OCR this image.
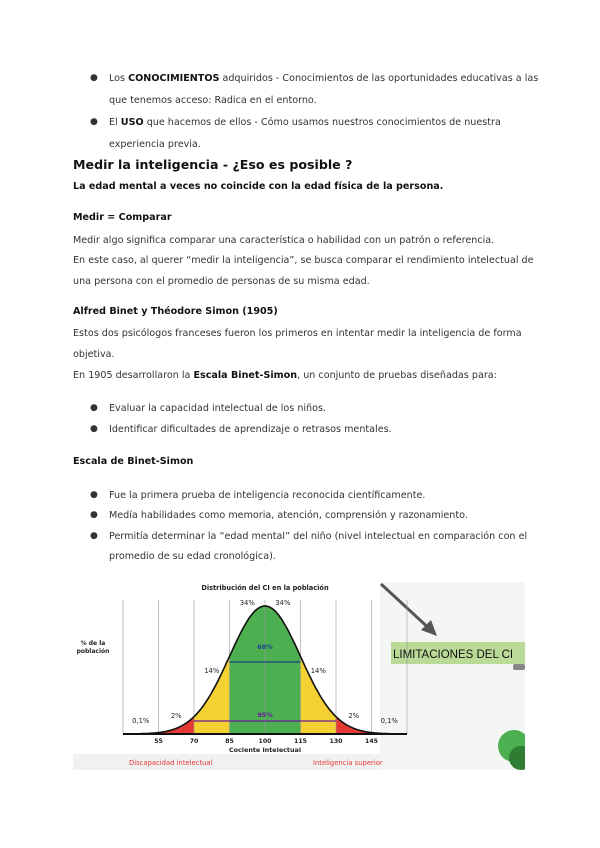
● Los CONOCIMIENTOS adquiridos - Conocimientos de las oportunidades educativas a las
que tenemos acceso: Radica en el entorno.
● El USO que hacemos de ellos - Cómo usamos nuestros conocimientos de nuestra
experiencia previa.
Medir la inteligencia - ¿Eso es posible ?
La edad mental a veces no coincide con la edad física de la persona.
Medir = Comparar
Medir algo significa comparar una característica o habilidad con un patrón o referencia.
En este caso, al querer “medir la inteligencia”, se busca comparar el rendimiento intelectual de
una persona con el promedio de personas de su misma edad.
Alfred Binet y Théodore Simon (1905)
Estos dos psicólogos franceses fueron los primeros en intentar medir la inteligencia de forma
objetiva.
En 1905 desarrollaron la Escala Binet-Simon, un conjunto de pruebas diseñadas para:
● Evaluar la capacidad intelectual de los niños.
● Identificar dificultades de aprendizaje o retrasos mentales.
Escala de Binet-Simon
● Fue la primera prueba de inteligencia reconocida científicamente.
● Medía habilidades como memoria, atención, comprensión y razonamiento.
● Permitía determinar la “edad mental” del niño (nivel intelectual en comparación con el
promedio de su edad cronológica).
LIMITACIONES DEL CI
Distribución del CI en la población
% de la
población
68%
95%
0,1%
2%
14%
34%	34%
14%
2%
0,1%
55	70	85	100	115	130	145
Cociente intelectual
Discapacidad intelectual	Inteligencia superior
